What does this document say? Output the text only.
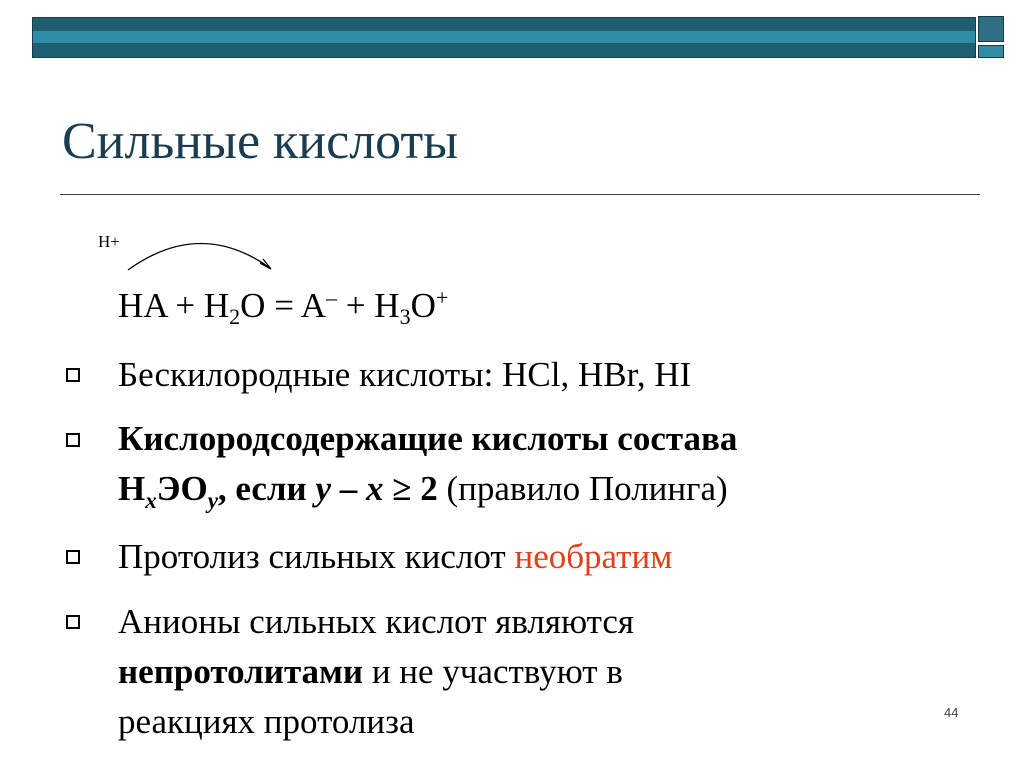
Сильные кислоты
H+
HA + $H_2O = A^- + H_3O^+$
Бескилородные кислоты: HCl, HBr, HI
Кислородсодержащие кислоты состава
$H_xЭO_y$, если y – x ≥ 2 (правило Полинга)
Протолиз сильных кислот необратим
Анионы сильных кислот являются
непротолитами и не участвуют в
реакциях протолиза	44
